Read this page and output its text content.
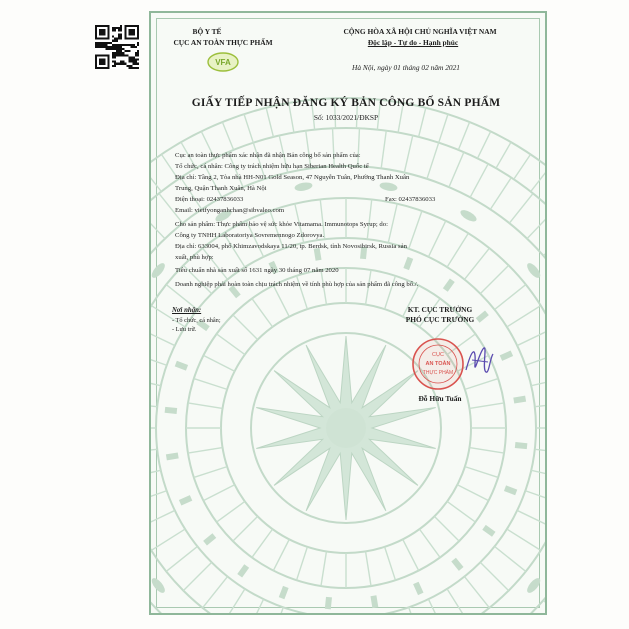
BỘ Y TẾ
CỤC AN TOÀN THỰC PHẨM
VFA
CỘNG HÒA XÃ HỘI CHỦ NGHĨA VIỆT NAM
Độc lập - Tự do - Hạnh phúc
Hà Nội, ngày 01 tháng 02 năm 2021
GIẤY TIẾP NHẬN ĐĂNG KÝ BẢN CÔNG BỐ SẢN PHẨM
Số: 1033/2021/ĐKSP
Cục an toàn thực phẩm xác nhận đã nhận Bản công bố sản phẩm của:
Tổ chức, cá nhân: Công ty trách nhiệm hữu hạn Siberian Health Quốc tế
Địa chỉ: Tầng 2, Tòa nhà HH-N01 Gold Season, 47 Nguyễn Tuân, Phường Thanh Xuân
Trung, Quận Thanh Xuân, Hà Nội
Điện thoại: 02437836033	Fax: 02437836033
Email: vietfyonganhchan@sibvaleo.com
Cho sản phẩm: Thực phẩm bảo vệ sức khỏe Vitamama. Immunotops Syrup; do:
Công ty TNHH Laboratoriya Sovremennogo Zdorovya.
Địa chỉ: 633004, phố Khimzavodskaya 11/20, tp. Berdsk, tỉnh Novosibirsk, Russia sản
xuất, phù hợp:
Tiêu chuẩn nhà sản xuất số 1631 ngày 30 tháng 07 năm 2020
Doanh nghiệp phải hoàn toàn chịu trách nhiệm về tính phù hợp của sản phẩm đã công bố./.
Nơi nhận:
- Tổ chức, cá nhân;
- Lưu trữ.
KT. CỤC TRƯỞNG
PHÓ CỤC TRƯỞNG
CỤC
AN TOÀN
THỰC PHẨM
Đỗ Hữu Tuấn
